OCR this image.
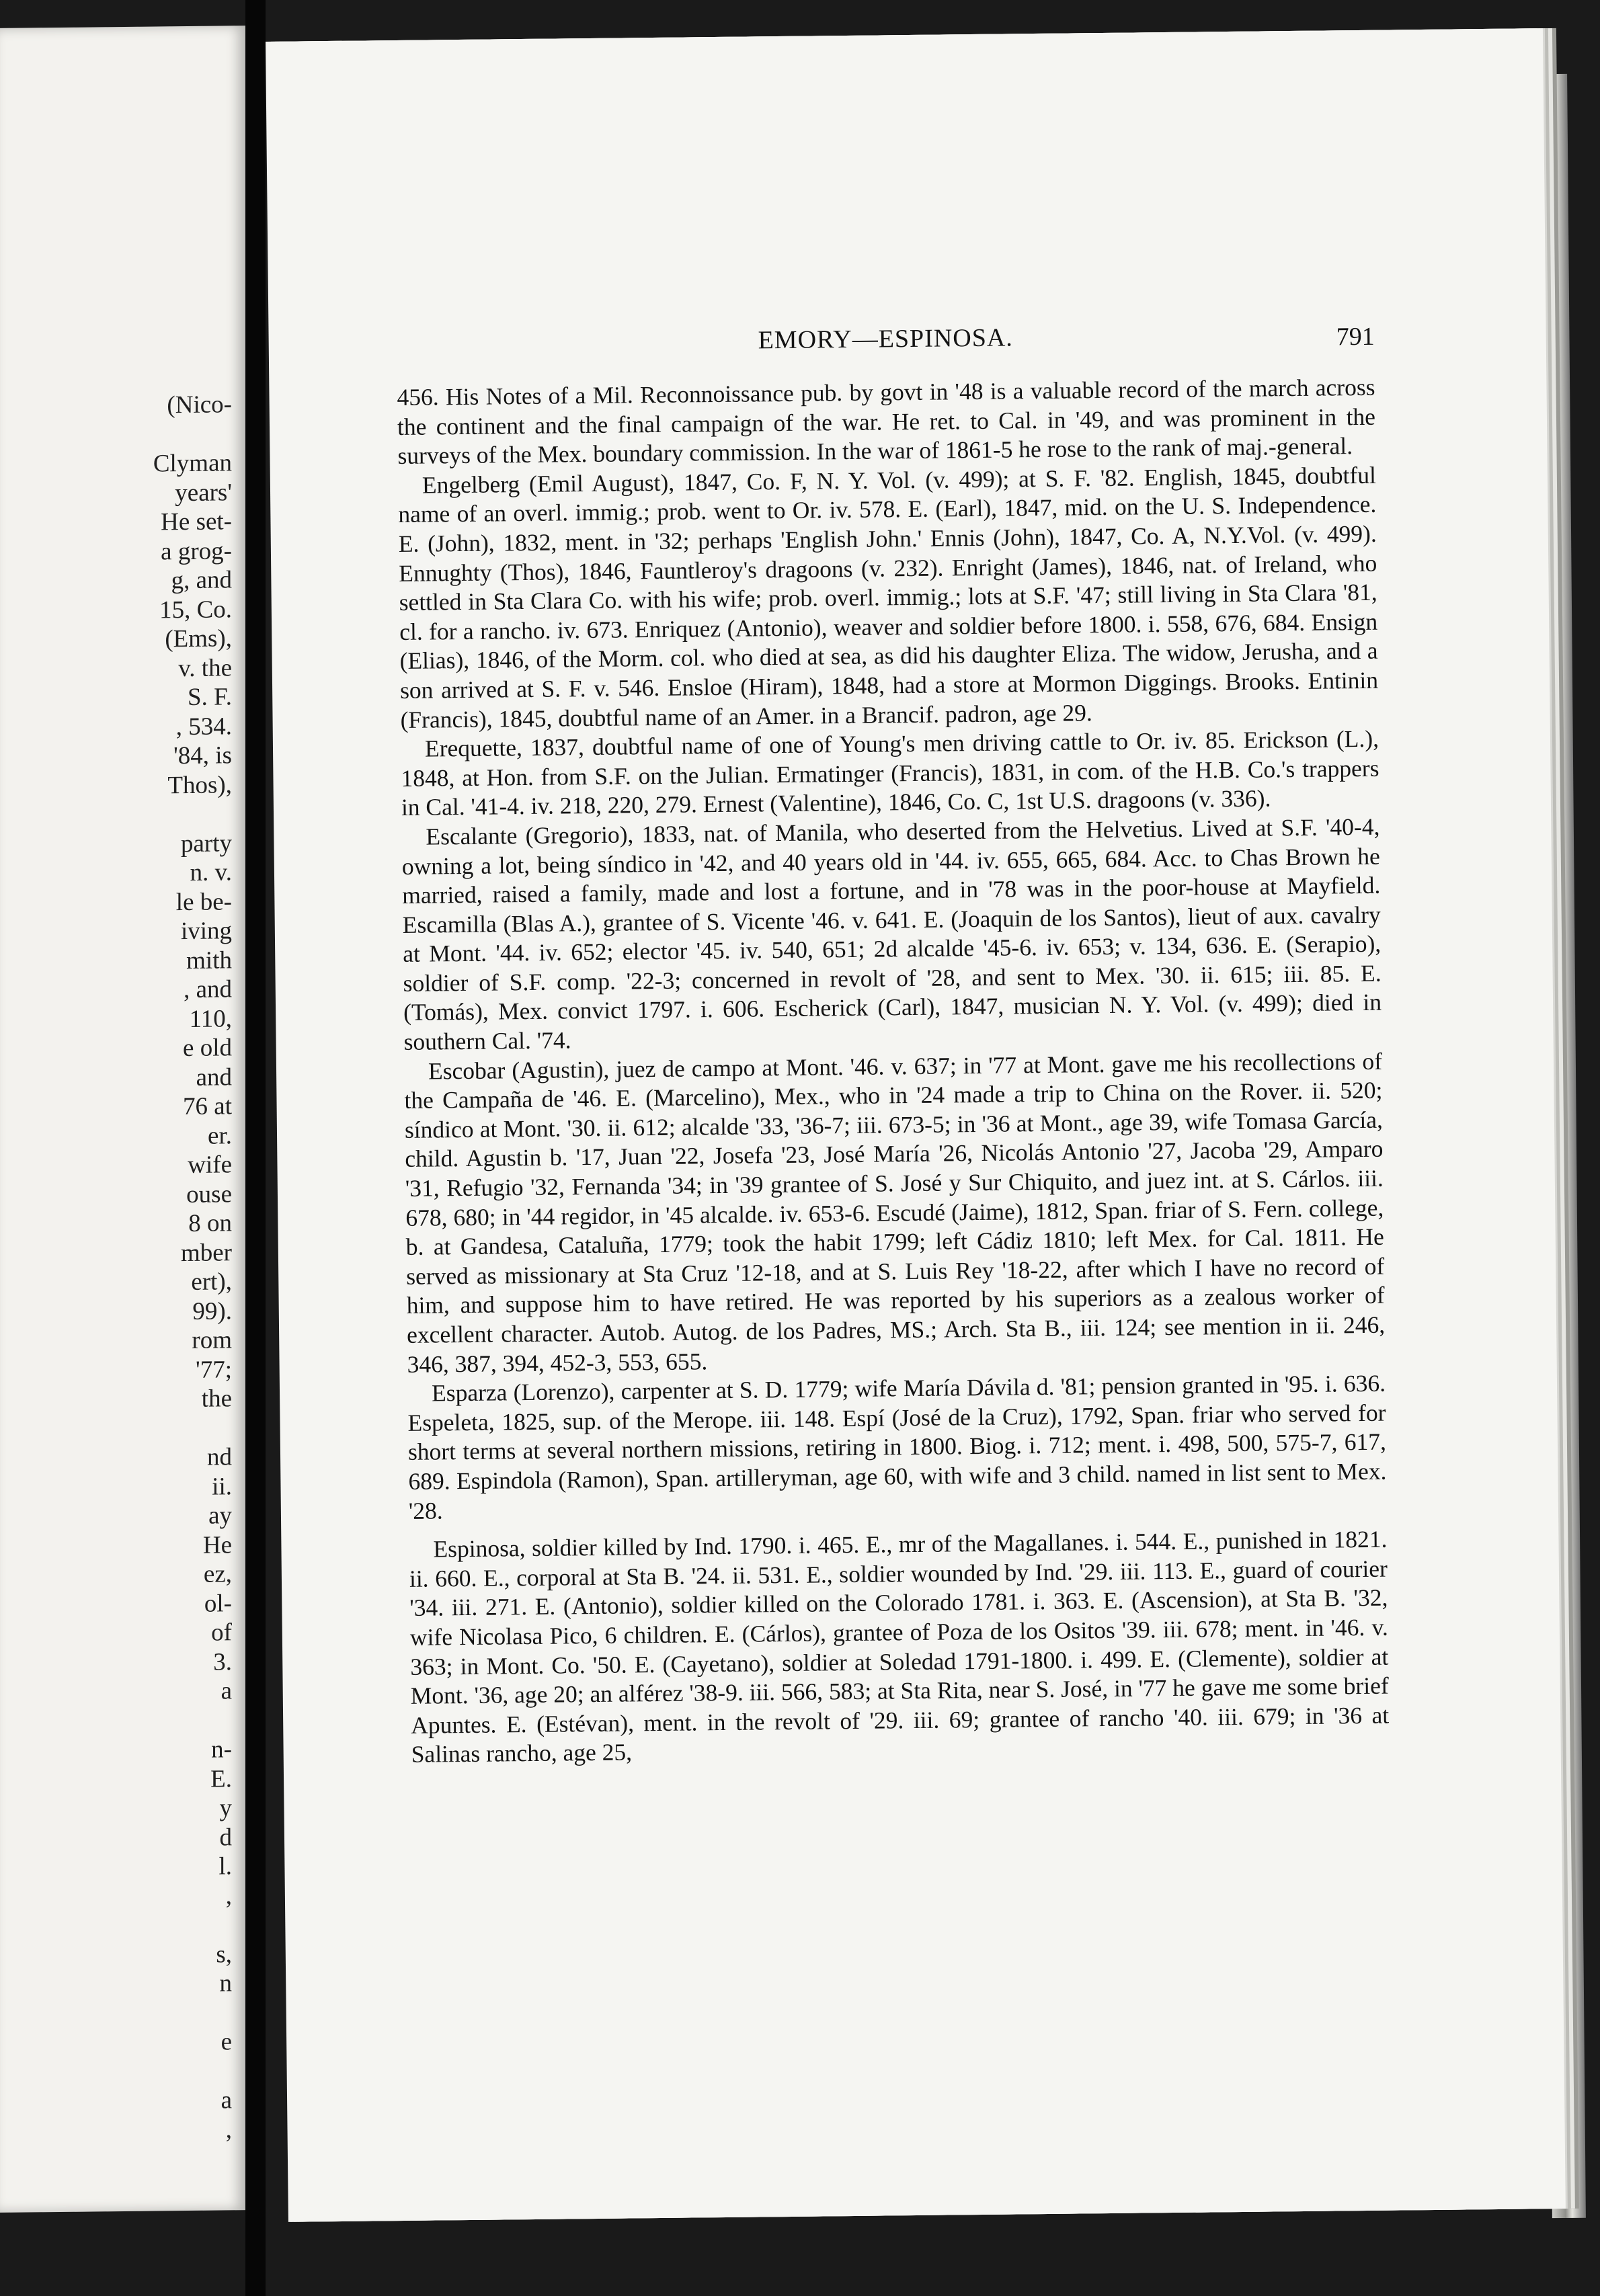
(Nico-
Clyman
years'
He set-
a grog-
g, and
15, Co.
(Ems),
v. the
S. F.
, 534.
'84, is
Thos),
party
n. v.
le be-
iving
mith
, and
110,
e old
and
76 at
er.
wife
ouse
8 on
mber
ert),
99).
rom
'77;
the
nd
ii.
ay
He
ez,
ol-
of
3.
a
n-
E.
y
d
l.
,
s,
n
e
a
,
EMORY—ESPINOSA.	791

456. His Notes of a Mil. Reconnoissance pub. by govt in '48 is a valuable record of the march across the continent and the final campaign of the war. He ret. to Cal. in '49, and was prominent in the surveys of the Mex. boundary commission. In the war of 1861-5 he rose to the rank of maj.-general.

Engelberg (Emil August), 1847, Co. F, N. Y. Vol. (v. 499); at S. F. '82. English, 1845, doubtful name of an overl. immig.; prob. went to Or. iv. 578. E. (Earl), 1847, mid. on the U. S. Independence. E. (John), 1832, ment. in '32; perhaps 'English John.' Ennis (John), 1847, Co. A, N.Y.Vol. (v. 499). Ennughty (Thos), 1846, Fauntleroy's dragoons (v. 232). Enright (James), 1846, nat. of Ireland, who settled in Sta Clara Co. with his wife; prob. overl. immig.; lots at S.F. '47; still living in Sta Clara '81, cl. for a rancho. iv. 673. Enriquez (Antonio), weaver and soldier before 1800. i. 558, 676, 684. Ensign (Elias), 1846, of the Morm. col. who died at sea, as did his daughter Eliza. The widow, Jerusha, and a son arrived at S. F. v. 546. Ensloe (Hiram), 1848, had a store at Mormon Diggings. Brooks. Entinin (Francis), 1845, doubtful name of an Amer. in a Brancif. padron, age 29.

Erequette, 1837, doubtful name of one of Young's men driving cattle to Or. iv. 85. Erickson (L.), 1848, at Hon. from S.F. on the Julian. Ermatinger (Francis), 1831, in com. of the H.B. Co.'s trappers in Cal. '41-4. iv. 218, 220, 279. Ernest (Valentine), 1846, Co. C, 1st U.S. dragoons (v. 336).

Escalante (Gregorio), 1833, nat. of Manila, who deserted from the Helvetius. Lived at S.F. '40-4, owning a lot, being síndico in '42, and 40 years old in '44. iv. 655, 665, 684. Acc. to Chas Brown he married, raised a family, made and lost a fortune, and in '78 was in the poor-house at Mayfield. Escamilla (Blas A.), grantee of S. Vicente '46. v. 641. E. (Joaquin de los Santos), lieut of aux. cavalry at Mont. '44. iv. 652; elector '45. iv. 540, 651; 2d alcalde '45-6. iv. 653; v. 134, 636. E. (Serapio), soldier of S.F. comp. '22-3; concerned in revolt of '28, and sent to Mex. '30. ii. 615; iii. 85. E. (Tomás), Mex. convict 1797. i. 606. Escherick (Carl), 1847, musician N. Y. Vol. (v. 499); died in southern Cal. '74.

Escobar (Agustin), juez de campo at Mont. '46. v. 637; in '77 at Mont. gave me his recollections of the Campaña de '46. E. (Marcelino), Mex., who in '24 made a trip to China on the Rover. ii. 520; síndico at Mont. '30. ii. 612; alcalde '33, '36-7; iii. 673-5; in '36 at Mont., age 39, wife Tomasa García, child. Agustin b. '17, Juan '22, Josefa '23, José María '26, Nicolás Antonio '27, Jacoba '29, Amparo '31, Refugio '32, Fernanda '34; in '39 grantee of S. José y Sur Chiquito, and juez int. at S. Cárlos. iii. 678, 680; in '44 regidor, in '45 alcalde. iv. 653-6. Escudé (Jaime), 1812, Span. friar of S. Fern. college, b. at Gandesa, Cataluña, 1779; took the habit 1799; left Cádiz 1810; left Mex. for Cal. 1811. He served as missionary at Sta Cruz '12-18, and at S. Luis Rey '18-22, after which I have no record of him, and suppose him to have retired. He was reported by his superiors as a zealous worker of excellent character. Autob. Autog. de los Padres, MS.; Arch. Sta B., iii. 124; see mention in ii. 246, 346, 387, 394, 452-3, 553, 655.

Esparza (Lorenzo), carpenter at S. D. 1779; wife María Dávila d. '81; pension granted in '95. i. 636. Espeleta, 1825, sup. of the Merope. iii. 148. Espí (José de la Cruz), 1792, Span. friar who served for short terms at several northern missions, retiring in 1800. Biog. i. 712; ment. i. 498, 500, 575-7, 617, 689. Espindola (Ramon), Span. artilleryman, age 60, with wife and 3 child. named in list sent to Mex. '28.

Espinosa, soldier killed by Ind. 1790. i. 465. E., mr of the Magallanes. i. 544. E., punished in 1821. ii. 660. E., corporal at Sta B. '24. ii. 531. E., soldier wounded by Ind. '29. iii. 113. E., guard of courier '34. iii. 271. E. (Antonio), soldier killed on the Colorado 1781. i. 363. E. (Ascension), at Sta B. '32, wife Nicolasa Pico, 6 children. E. (Cárlos), grantee of Poza de los Ositos '39. iii. 678; ment. in '46. v. 363; in Mont. Co. '50. E. (Cayetano), soldier at Soledad 1791-1800. i. 499. E. (Clemente), soldier at Mont. '36, age 20; an alférez '38-9. iii. 566, 583; at Sta Rita, near S. José, in '77 he gave me some brief Apuntes. E. (Estévan), ment. in the revolt of '29. iii. 69; grantee of rancho '40. iii. 679; in '36 at Salinas rancho, age 25,
